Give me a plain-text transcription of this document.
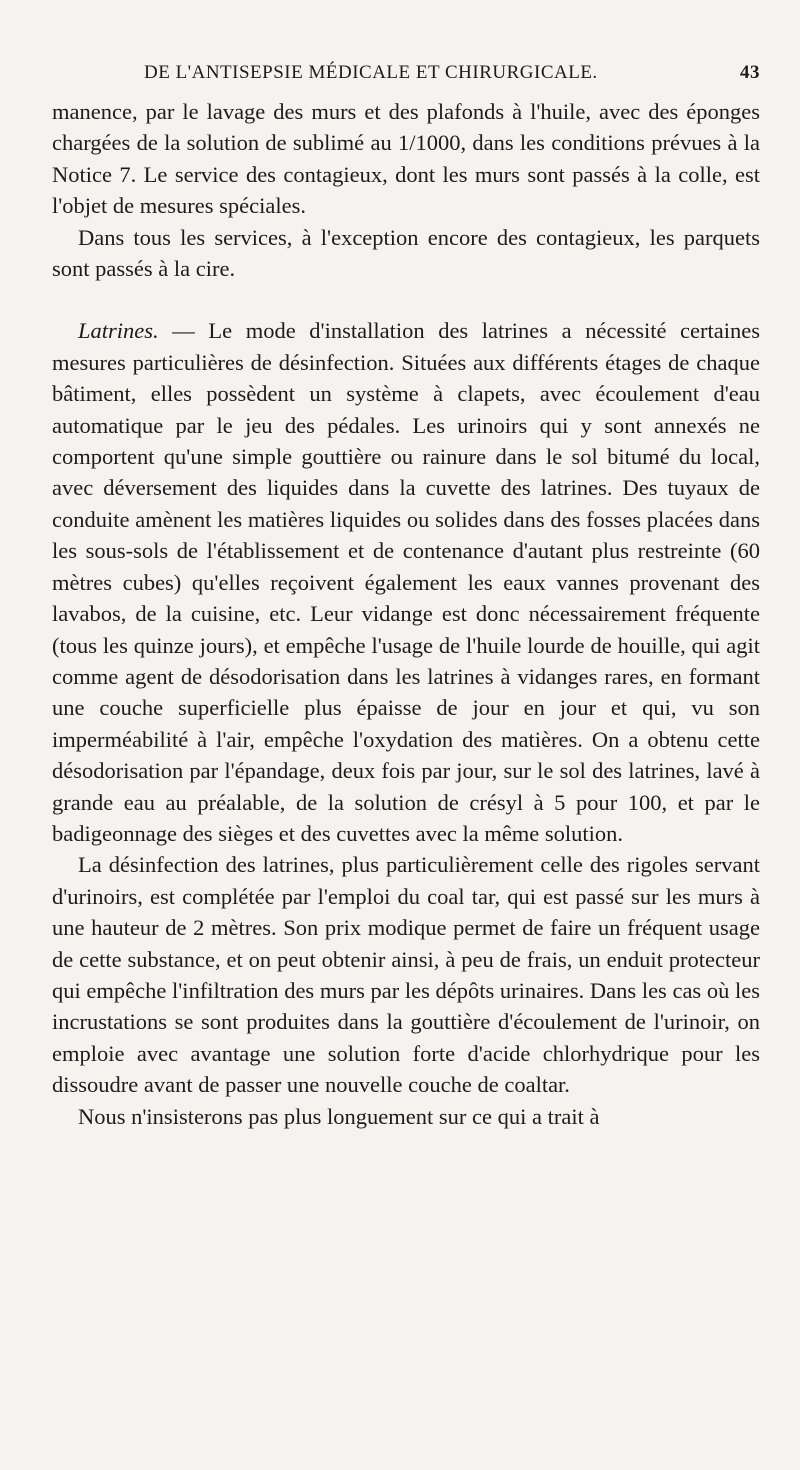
DE L'ANTISEPSIE MÉDICALE ET CHIRURGICALE.	43

manence, par le lavage des murs et des plafonds à l'huile, avec des éponges chargées de la solution de sublimé au 1/1000, dans les conditions prévues à la Notice 7. Le service des contagieux, dont les murs sont passés à la colle, est l'objet de mesures spéciales.

Dans tous les services, à l'exception encore des contagieux, les parquets sont passés à la cire.

Latrines. — Le mode d'installation des latrines a nécessité certaines mesures particulières de désinfection. Situées aux différents étages de chaque bâtiment, elles possèdent un système à clapets, avec écoulement d'eau automatique par le jeu des pédales. Les urinoirs qui y sont annexés ne comportent qu'une simple gouttière ou rainure dans le sol bitumé du local, avec déversement des liquides dans la cuvette des latrines. Des tuyaux de conduite amènent les matières liquides ou solides dans des fosses placées dans les sous-sols de l'établissement et de contenance d'autant plus restreinte (60 mètres cubes) qu'elles reçoivent également les eaux vannes provenant des lavabos, de la cuisine, etc. Leur vidange est donc nécessairement fréquente (tous les quinze jours), et empêche l'usage de l'huile lourde de houille, qui agit comme agent de désodorisation dans les latrines à vidanges rares, en formant une couche superficielle plus épaisse de jour en jour et qui, vu son imperméabilité à l'air, empêche l'oxydation des matières. On a obtenu cette désodorisation par l'épandage, deux fois par jour, sur le sol des latrines, lavé à grande eau au préalable, de la solution de crésyl à 5 pour 100, et par le badigeonnage des sièges et des cuvettes avec la même solution.

La désinfection des latrines, plus particulièrement celle des rigoles servant d'urinoirs, est complétée par l'emploi du coal tar, qui est passé sur les murs à une hauteur de 2 mètres. Son prix modique permet de faire un fréquent usage de cette substance, et on peut obtenir ainsi, à peu de frais, un enduit protecteur qui empêche l'infiltration des murs par les dépôts urinaires. Dans les cas où les incrustations se sont produites dans la gouttière d'écoulement de l'urinoir, on emploie avec avantage une solution forte d'acide chlorhydrique pour les dissoudre avant de passer une nouvelle couche de coaltar.

Nous n'insisterons pas plus longuement sur ce qui a trait à
